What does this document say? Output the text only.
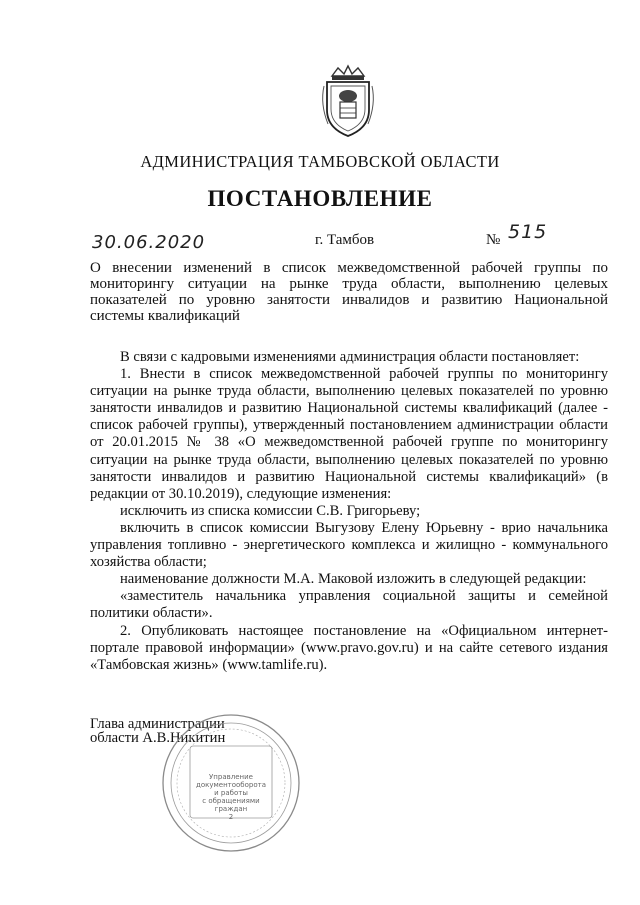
АДМИНИСТРАЦИЯ ТАМБОВСКОЙ ОБЛАСТИ
ПОСТАНОВЛЕНИЕ
30.06.2020	г. Тамбов	№ 515
О внесении изменений в список межведомственной рабочей группы по мониторингу ситуации на рынке труда области, выполнению целевых показателей по уровню занятости инвалидов и развитию Национальной системы квалификаций

В связи с кадровыми изменениями администрация области постановляет:

1. Внести в список межведомственной рабочей группы по мониторингу ситуации на рынке труда области, выполнению целевых показателей по уровню занятости инвалидов и развитию Национальной системы квалификаций (далее - список рабочей группы), утвержденный постановлением администрации области от 20.01.2015 № 38 «О межведомственной рабочей группе по мониторингу ситуации на рынке труда области, выполнению целевых показателей по уровню занятости инвалидов и развитию Национальной системы квалификаций» (в редакции от 30.10.2019), следующие изменения:

исключить из списка комиссии С.В. Григорьеву;

включить в список комиссии Выгузову Елену Юрьевну - врио начальника управления топливно - энергетического комплекса и жилищно - коммунального хозяйства области;

наименование должности М.А. Маковой изложить в следующей редакции:

«заместитель начальника управления социальной защиты и семейной политики области».

2. Опубликовать настоящее постановление на «Официальном интернет-портале правовой информации» (www.pravo.gov.ru) и на сайте сетевого издания «Тамбовская жизнь» (www.tamlife.ru).

Глава администрации
области А.В.Никитин
Управление
документооборота
и работы
с обращениями
граждан
2
